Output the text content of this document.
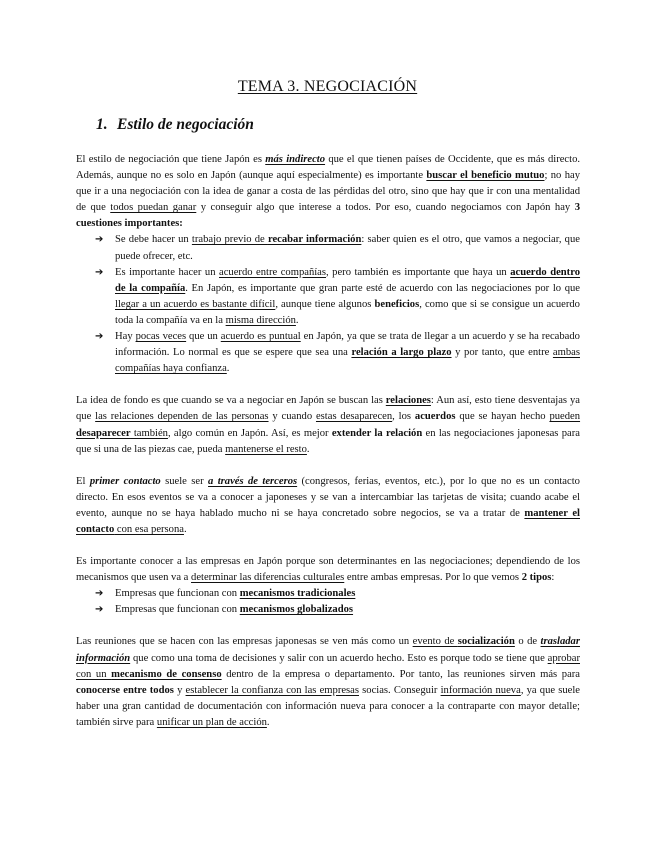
TEMA 3. NEGOCIACIÓN
1. Estilo de negociación

El estilo de negociación que tiene Japón es más indirecto que el que tienen países de Occidente, que es más directo. Además, aunque no es solo en Japón (aunque aquí especialmente) es importante buscar el beneficio mutuo; no hay que ir a una negociación con la idea de ganar a costa de las pérdidas del otro, sino que hay que ir con una mentalidad de que todos puedan ganar y conseguir algo que interese a todos. Por eso, cuando negociamos con Japón hay 3 cuestiones importantes:

➔ Se debe hacer un trabajo previo de recabar información: saber quien es el otro, que vamos a negociar, que puede ofrecer, etc.
➔ Es importante hacer un acuerdo entre compañías, pero también es importante que haya un acuerdo dentro de la compañía. En Japón, es importante que gran parte esté de acuerdo con las negociaciones por lo que llegar a un acuerdo es bastante difícil, aunque tiene algunos beneficios, como que si se consigue un acuerdo toda la compañía va en la misma dirección.
➔ Hay pocas veces que un acuerdo es puntual en Japón, ya que se trata de llegar a un acuerdo y se ha recabado información. Lo normal es que se espere que sea una relación a largo plazo y por tanto, que entre ambas compañías haya confianza.

La idea de fondo es que cuando se va a negociar en Japón se buscan las relaciones: Aun así, esto tiene desventajas ya que las relaciones dependen de las personas y cuando estas desaparecen, los acuerdos que se hayan hecho pueden desaparecer también, algo común en Japón. Así, es mejor extender la relación en las negociaciones japonesas para que si una de las piezas cae, pueda mantenerse el resto.

El primer contacto suele ser a través de terceros (congresos, ferias, eventos, etc.), por lo que no es un contacto directo. En esos eventos se va a conocer a japoneses y se van a intercambiar las tarjetas de visita; cuando acabe el evento, aunque no se haya hablado mucho ni se haya concretado sobre negocios, se va a tratar de mantener el contacto con esa persona.

Es importante conocer a las empresas en Japón porque son determinantes en las negociaciones; dependiendo de los mecanismos que usen va a determinar las diferencias culturales entre ambas empresas. Por lo que vemos 2 tipos:

➔ Empresas que funcionan con mecanismos tradicionales
➔ Empresas que funcionan con mecanismos globalizados

Las reuniones que se hacen con las empresas japonesas se ven más como un evento de socialización o de trasladar información que como una toma de decisiones y salir con un acuerdo hecho. Esto es porque todo se tiene que aprobar con un mecanismo de consenso dentro de la empresa o departamento. Por tanto, las reuniones sirven más para conocerse entre todos y establecer la confianza con las empresas socias. Conseguir información nueva, ya que suele haber una gran cantidad de documentación con información nueva para conocer a la contraparte con mayor detalle; también sirve para unificar un plan de acción.
